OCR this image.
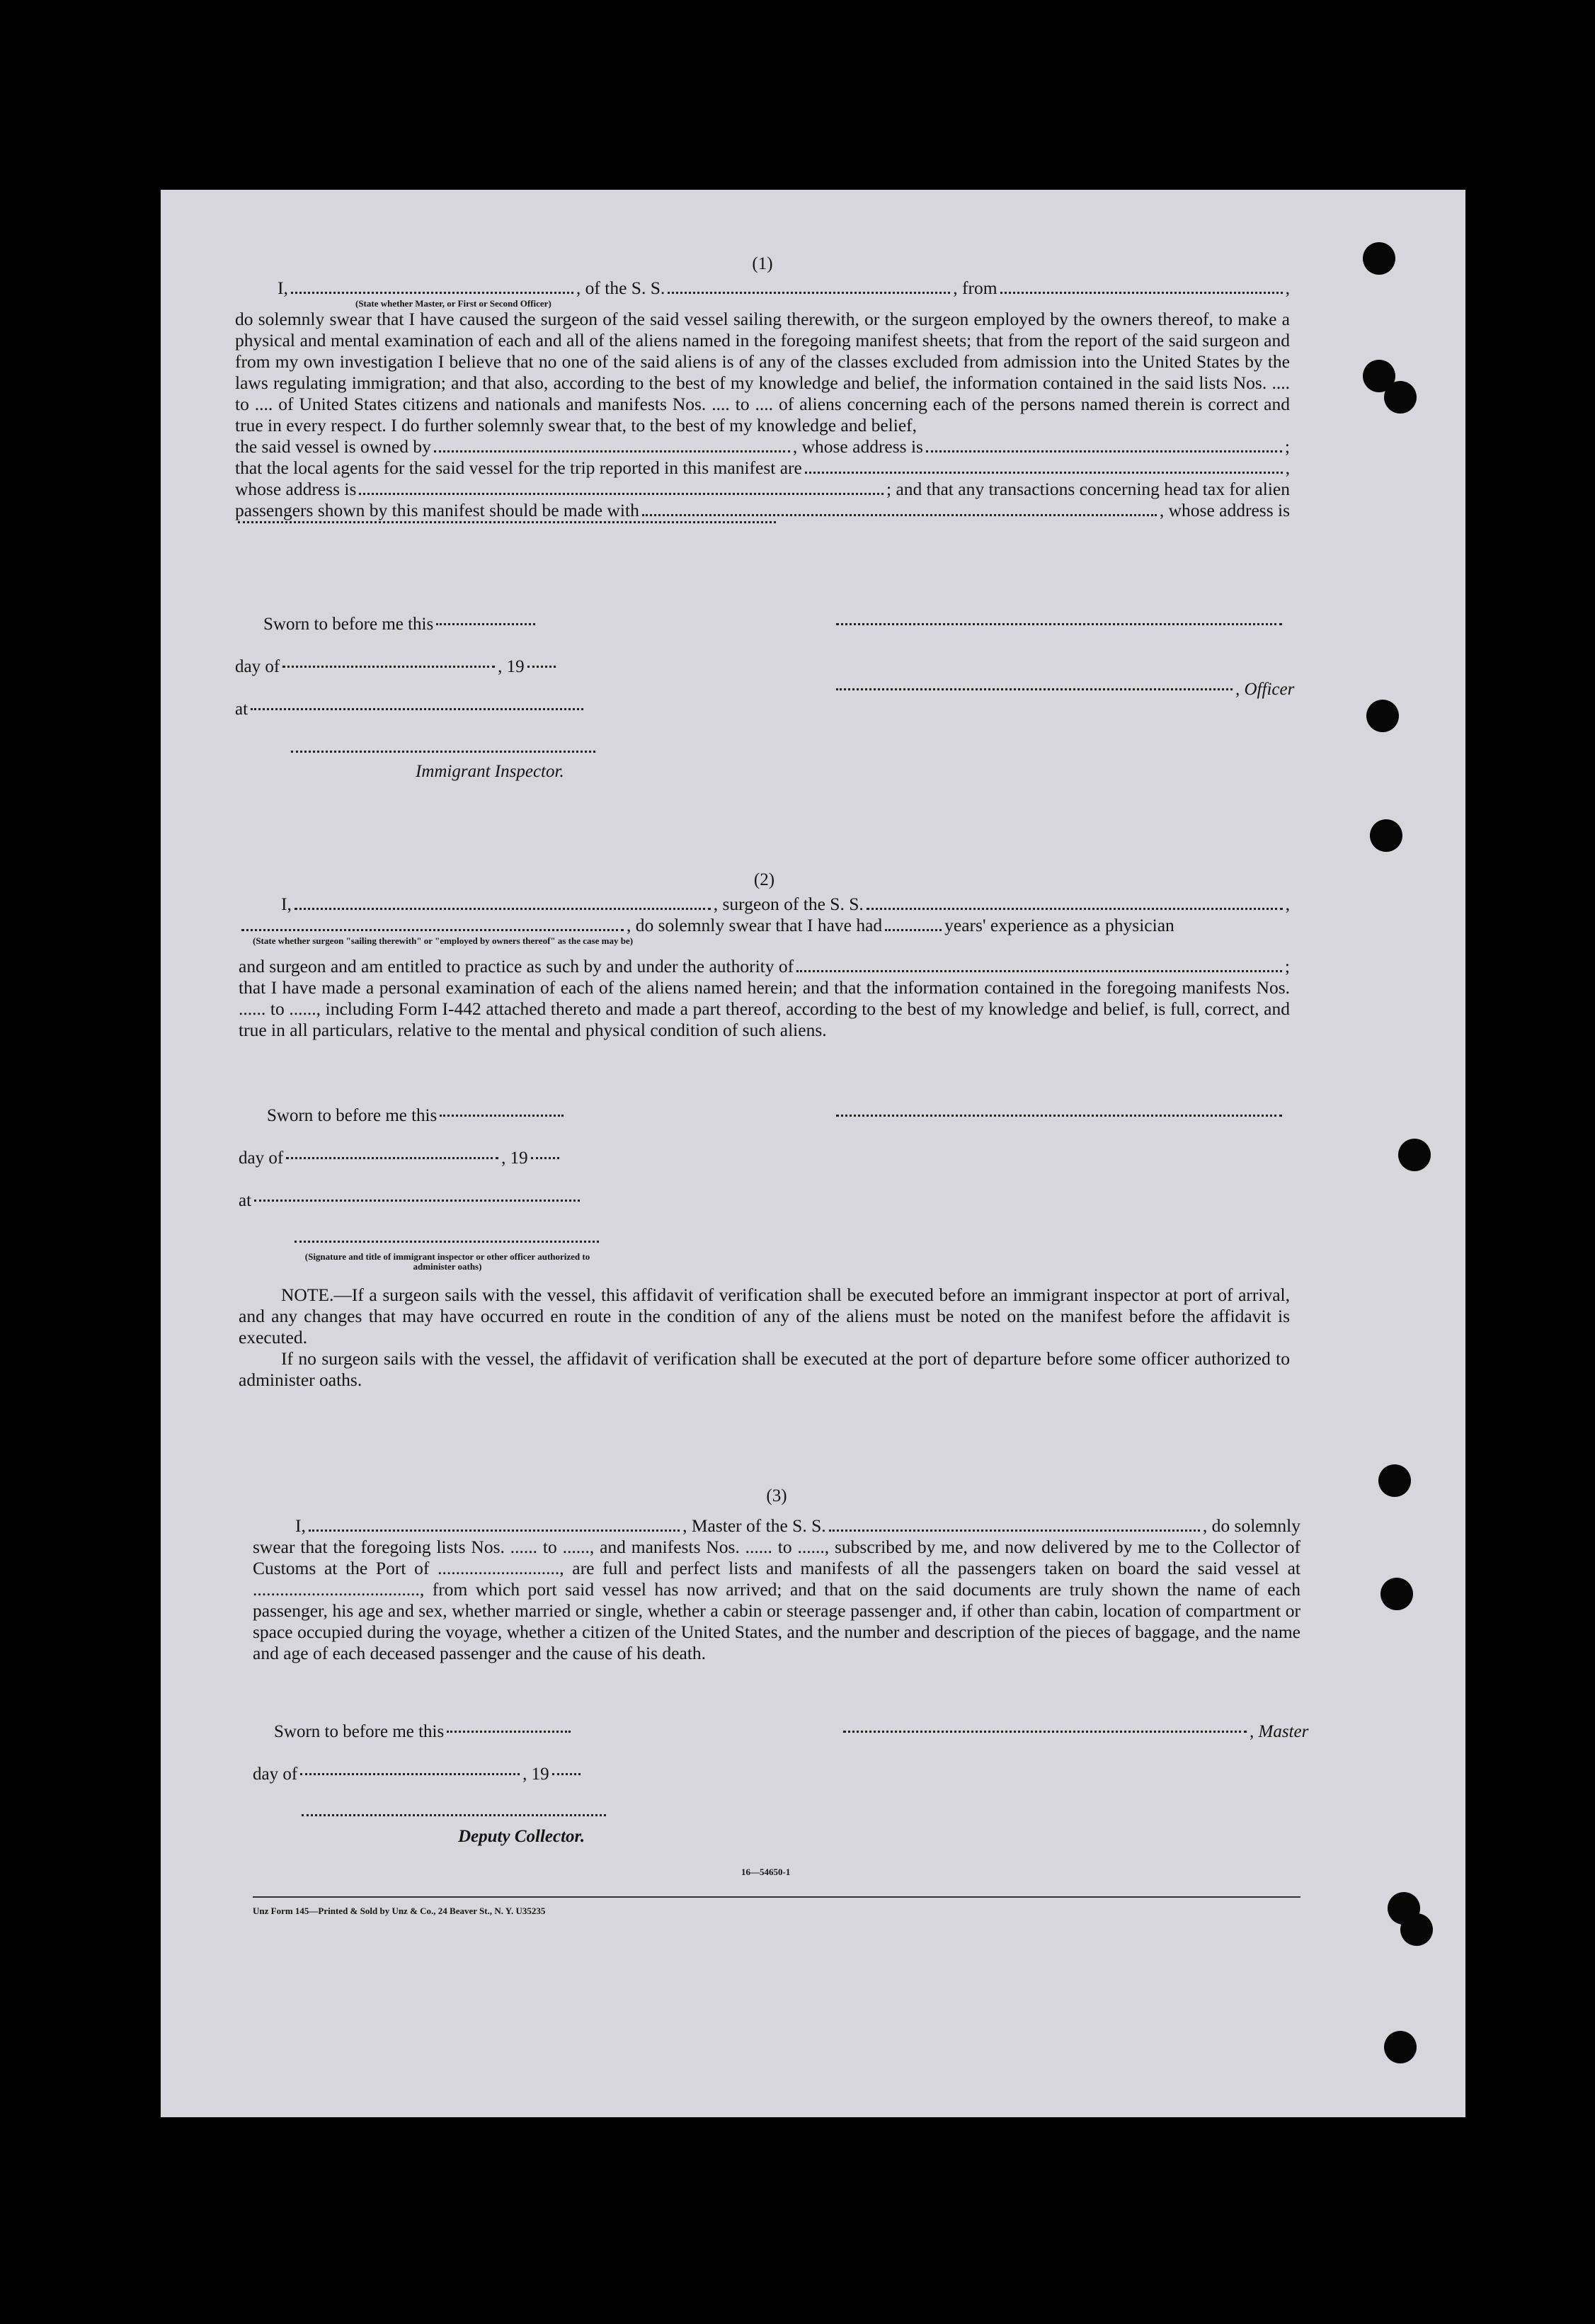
(1)
I,	, of the S. S.	, from	,
(State whether Master, or First or Second Officer)

do solemnly swear that I have caused the surgeon of the said vessel sailing therewith, or the surgeon employed by the owners thereof, to make a physical and mental examination of each and all of the aliens named in the foregoing manifest sheets; that from the report of the said surgeon and from my own investigation I believe that no one of the said aliens is of any of the classes excluded from admission into the United States by the laws regulating immigration; and that also, according to the best of my knowledge and belief, the information contained in the said lists Nos. .... to .... of United States citizens and nationals and manifests Nos. .... to .... of aliens concerning each of the persons named therein is correct and true in every respect. I do further solemnly swear that, to the best of my knowledge and belief,

the said vessel is owned by	, whose address is	;
that the local agents for the said vessel for the trip reported in this manifest are	,
whose address is	; and that any transactions concerning head tax for alien
passengers shown by this manifest should be made with	, whose address is
Sworn to before me this
day of	, 19
at
Immigrant Inspector.
, Officer
(2)
I,	, surgeon of the S. S.	,
, do solemnly swear that I have had	years' experience as a physician
(State whether surgeon "sailing therewith" or "employed by owners thereof" as the case may be)
and surgeon and am entitled to practice as such by and under the authority of	;

that I have made a personal examination of each of the aliens named herein; and that the information contained in the foregoing manifests Nos. ...... to ......, including Form I-442 attached thereto and made a part thereof, according to the best of my knowledge and belief, is full, correct, and true in all particulars, relative to the mental and physical condition of such aliens.

Sworn to before me this
day of	, 19
at
(Signature and title of immigrant inspector or other officer authorized to administer oaths)

NOTE.—If a surgeon sails with the vessel, this affidavit of verification shall be executed before an immigrant inspector at port of arrival, and any changes that may have occurred en route in the condition of any of the aliens must be noted on the manifest before the affidavit is executed.

If no surgeon sails with the vessel, the affidavit of verification shall be executed at the port of departure before some officer authorized to administer oaths.

(3)
I,	, Master of the S. S.	, do solemnly

swear that the foregoing lists Nos. ...... to ......, and manifests Nos. ...... to ......, subscribed by me, and now delivered by me to the Collector of Customs at the Port of ..........................., are full and perfect lists and manifests of all the passengers taken on board the said vessel at ....................................., from which port said vessel has now arrived; and that on the said documents are truly shown the name of each passenger, his age and sex, whether married or single, whether a cabin or steerage passenger and, if other than cabin, location of compartment or space occupied during the voyage, whether a citizen of the United States, and the number and description of the pieces of baggage, and the name and age of each deceased passenger and the cause of his death.

Sworn to before me this	, Master
day of	, 19
Deputy Collector.
16—54650-1
Unz Form 145—Printed & Sold by Unz & Co., 24 Beaver St., N. Y. U35235
